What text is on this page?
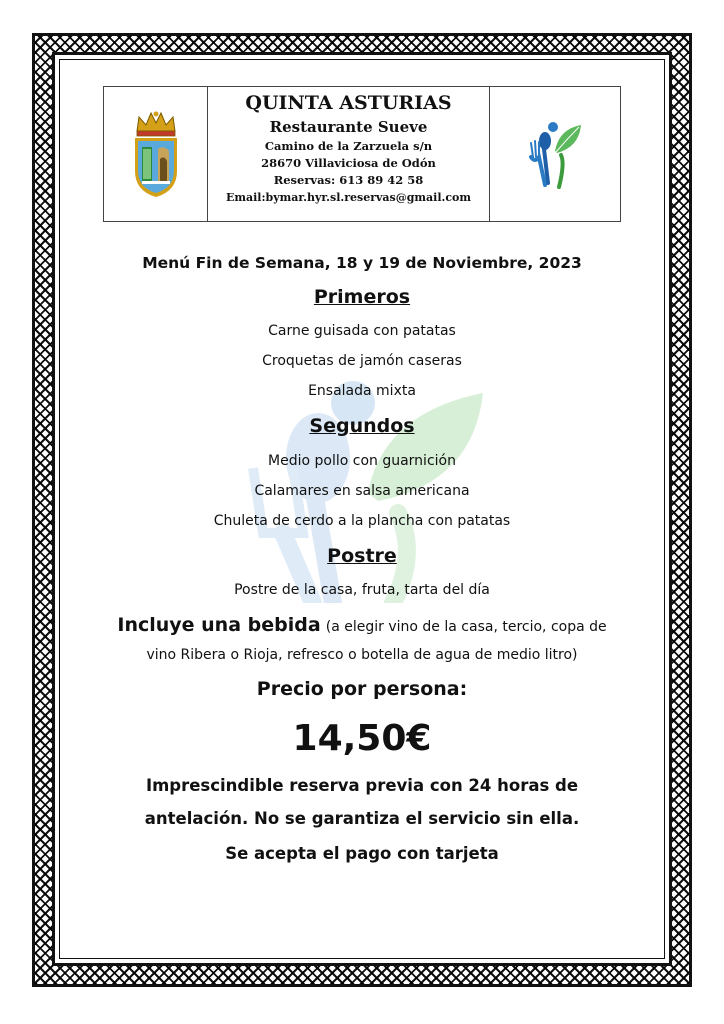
QUINTA ASTURIAS
Restaurante Sueve
Camino de la Zarzuela s/n
28670 Villaviciosa de Odón
Reservas: 613 89 42 58
Email:bymar.hyr.sl.reservas@gmail.com
Menú Fin de Semana, 18 y 19 de Noviembre, 2023
Primeros
Carne guisada con patatas
Croquetas de jamón caseras
Ensalada mixta
Segundos
Medio pollo con guarnición
Calamares en salsa americana
Chuleta de cerdo a la plancha con patatas
Postre
Postre de la casa, fruta, tarta del día
Incluye una bebida (a elegir vino de la casa, tercio, copa de
vino Ribera o Rioja, refresco o botella de agua de medio litro)
Precio por persona:
14,50€
Imprescindible reserva previa con 24 horas de
antelación. No se garantiza el servicio sin ella.
Se acepta el pago con tarjeta
